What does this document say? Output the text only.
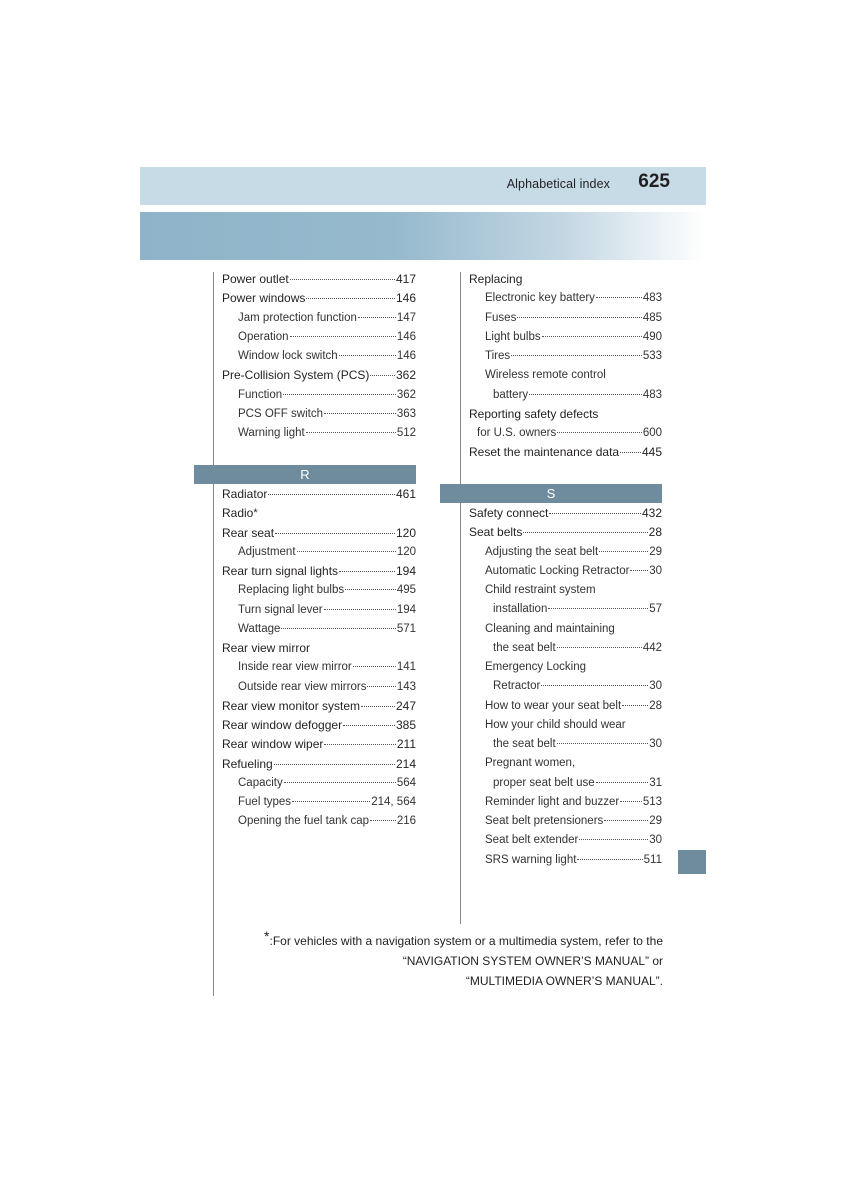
Alphabetical index 625
Power outlet	417
Power windows	146
Jam protection function	147
Operation	146
Window lock switch	146
Pre-Collision System (PCS) 362
Function	362
PCS OFF switch	363
Warning light	512
R
Radiator	461
Radio*
Rear seat	120
Adjustment	120
Rear turn signal lights	194
Replacing light bulbs	495
Turn signal lever	194
Wattage	571
Rear view mirror
Inside rear view mirror	141
Outside rear view mirrors	143
Rear view monitor system	247
Rear window defogger	385
Rear window wiper	211
Refueling	214
Capacity	564
Fuel types	214, 564
Opening the fuel tank cap 216
Replacing
Electronic key battery	483
Fuses	485
Light bulbs	490
Tires	533
Wireless remote control
battery	483
Reporting safety defects
for U.S. owners	600
Reset the maintenance data 445
S
Safety connect	432
Seat belts	28
Adjusting the seat belt	29
Automatic Locking Retractor 30
Child restraint system
installation	57
Cleaning and maintaining
the seat belt	442
Emergency Locking
Retractor	30
How to wear your seat belt 28
How your child should wear
the seat belt	30
Pregnant women,
proper seat belt use	31
Reminder light and buzzer 513
Seat belt pretensioners	29
Seat belt extender	30
SRS warning light	511
*:For vehicles with a navigation system or a multimedia system, refer to the
“NAVIGATION SYSTEM OWNER’S MANUAL” or
“MULTIMEDIA OWNER’S MANUAL”.
